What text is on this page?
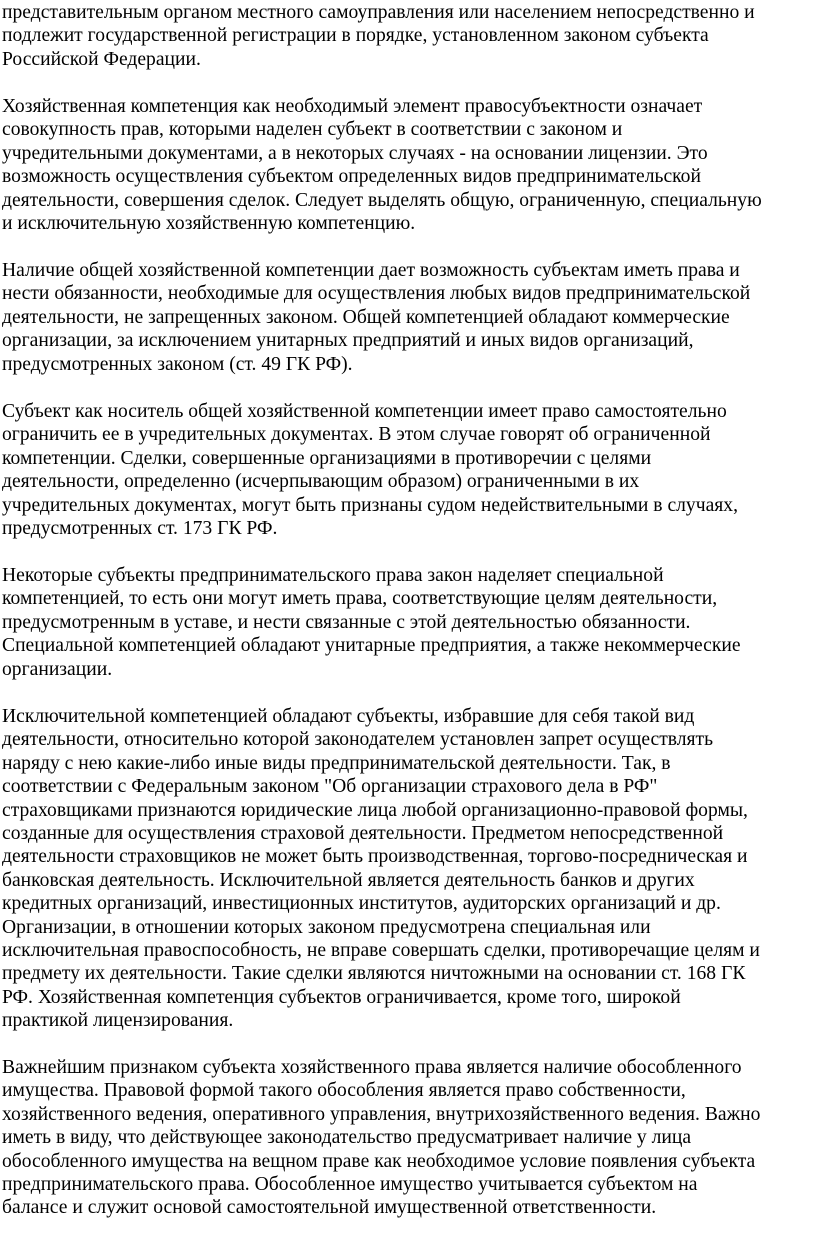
представительным органом местного самоуправления или населением непосредственно и
подлежит государственной регистрации в порядке, установленном законом субъекта
Российской Федерации.

Хозяйственная компетенция как необходимый элемент правосубъектности означает
совокупность прав, которыми наделен субъект в соответствии с законом и
учредительными документами, а в некоторых случаях - на основании лицензии. Это
возможность осуществления субъектом определенных видов предпринимательской
деятельности, совершения сделок. Следует выделять общую, ограниченную, специальную
и исключительную хозяйственную компетенцию.

Наличие общей хозяйственной компетенции дает возможность субъектам иметь права и
нести обязанности, необходимые для осуществления любых видов предпринимательской
деятельности, не запрещенных законом. Общей компетенцией обладают коммерческие
организации, за исключением унитарных предприятий и иных видов организаций,
предусмотренных законом (ст. 49 ГК РФ).

Субъект как носитель общей хозяйственной компетенции имеет право самостоятельно
ограничить ее в учредительных документах. В этом случае говорят об ограниченной
компетенции. Сделки, совершенные организациями в противоречии с целями
деятельности, определенно (исчерпывающим образом) ограниченными в их
учредительных документах, могут быть признаны судом недействительными в случаях,
предусмотренных ст. 173 ГК РФ.

Некоторые субъекты предпринимательского права закон наделяет специальной
компетенцией, то есть они могут иметь права, соответствующие целям деятельности,
предусмотренным в уставе, и нести связанные с этой деятельностью обязанности.
Специальной компетенцией обладают унитарные предприятия, а также некоммерческие
организации.

Исключительной компетенцией обладают субъекты, избравшие для себя такой вид
деятельности, относительно которой законодателем установлен запрет осуществлять
наряду с нею какие-либо иные виды предпринимательской деятельности. Так, в
соответствии с Федеральным законом "Об организации страхового дела в РФ"
страховщиками признаются юридические лица любой организационно-правовой формы,
созданные для осуществления страховой деятельности. Предметом непосредственной
деятельности страховщиков не может быть производственная, торгово-посредническая и
банковская деятельность. Исключительной является деятельность банков и других
кредитных организаций, инвестиционных институтов, аудиторских организаций и др.
Организации, в отношении которых законом предусмотрена специальная или
исключительная правоспособность, не вправе совершать сделки, противоречащие целям и
предмету их деятельности. Такие сделки являются ничтожными на основании ст. 168 ГК
РФ. Хозяйственная компетенция субъектов ограничивается, кроме того, широкой
практикой лицензирования.

Важнейшим признаком субъекта хозяйственного права является наличие обособленного
имущества. Правовой формой такого обособления является право собственности,
хозяйственного ведения, оперативного управления, внутрихозяйственного ведения. Важно
иметь в виду, что действующее законодательство предусматривает наличие у лица
обособленного имущества на вещном праве как необходимое условие появления субъекта
предпринимательского права. Обособленное имущество учитывается субъектом на
балансе и служит основой самостоятельной имущественной ответственности.
